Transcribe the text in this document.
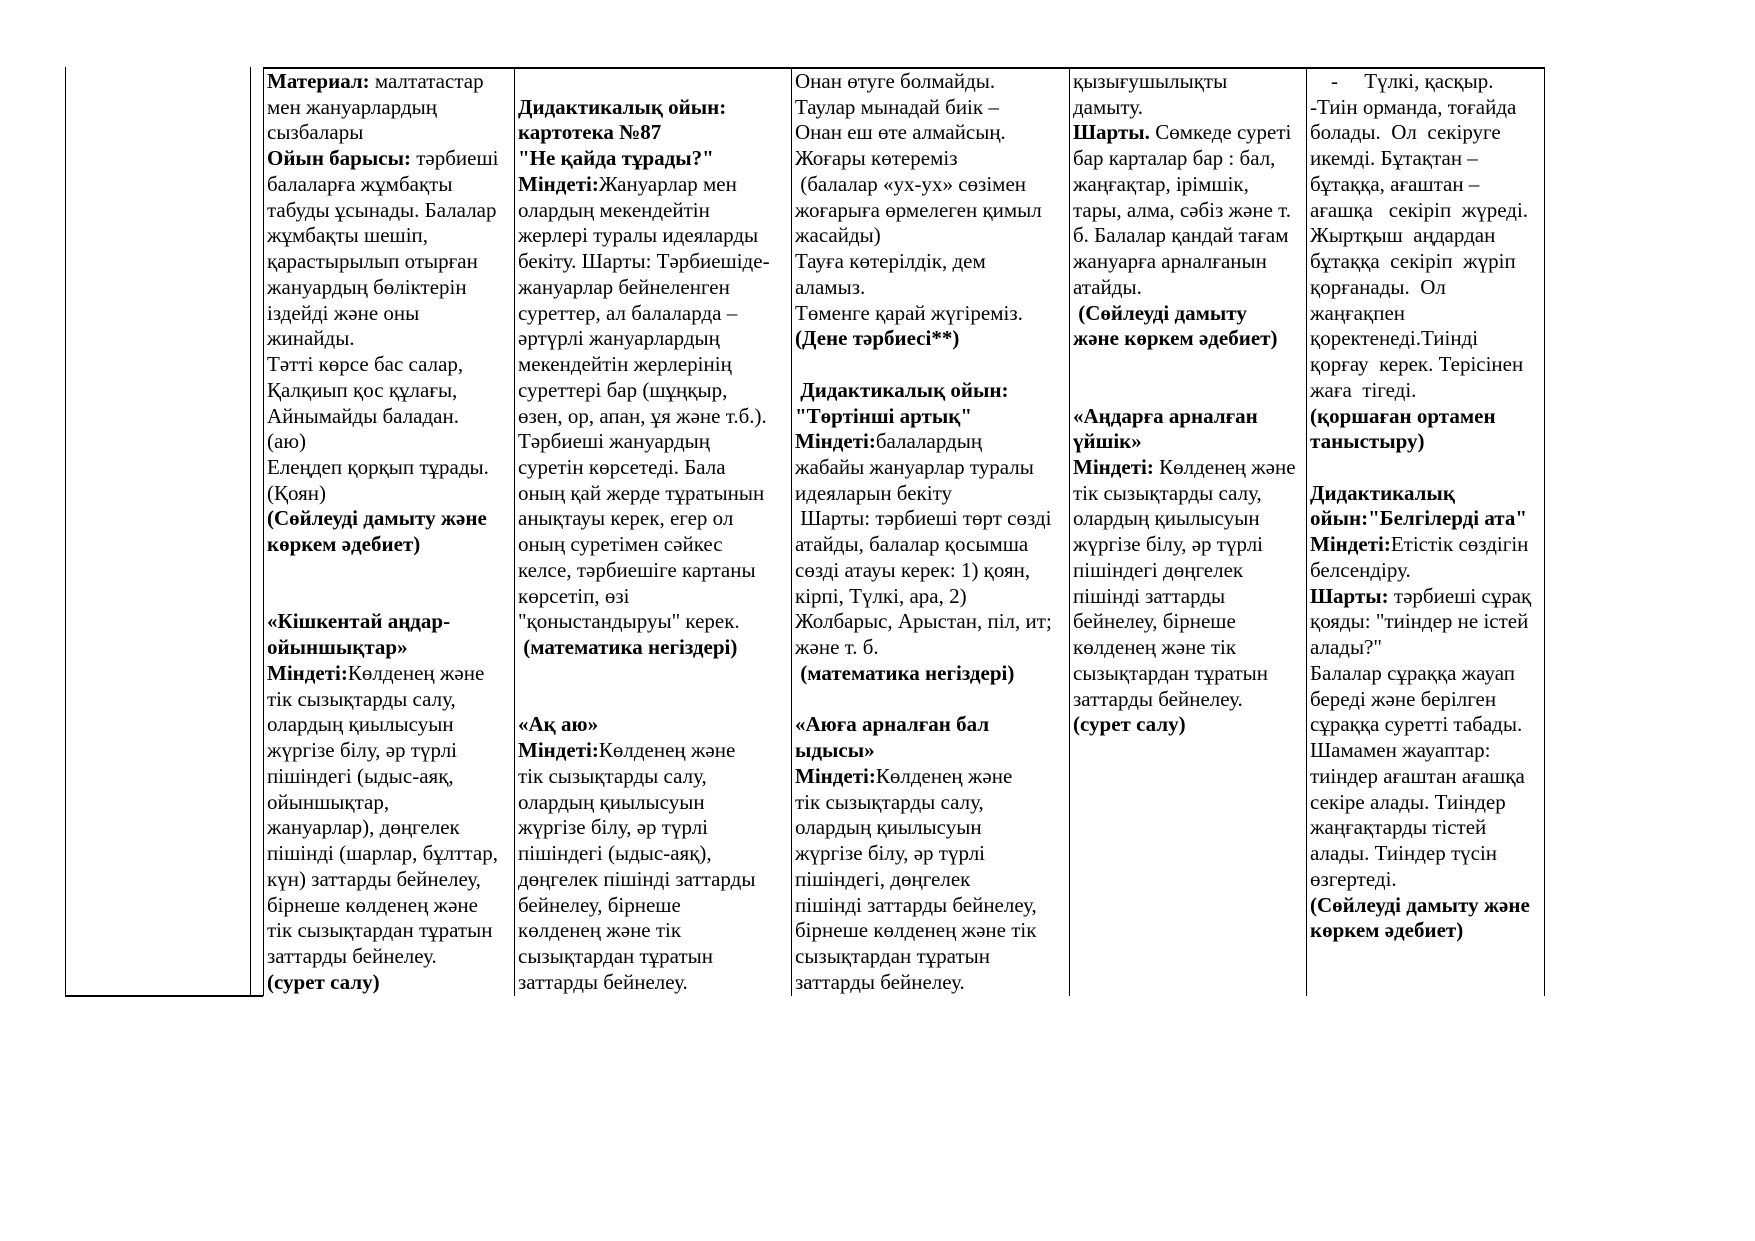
Материал: малтатастар
мен жануарлардың
сызбалары
Ойын барысы: тәрбиеші
балаларға жұмбақты
табуды ұсынады. Балалар
жұмбақты шешіп,
қарастырылып отырған
жануардың бөліктерін
іздейді және оны
жинайды.
Тәтті көрсе бас салар,
Қалқиып қос құлағы,
Айнымайды баладан.
(аю)
Елеңдеп қорқып тұрады.
(Қоян)
(Сөйлеуді дамыту және
көркем әдебиет)
«Кішкентай аңдар-
ойыншықтар»
Міндеті:Көлденең және
тік сызықтарды салу,
олардың қиылысуын
жүргізе білу, әр түрлі
пішіндегі (ыдыс-аяқ,
ойыншықтар,
жануарлар), дөңгелек
пішінді (шарлар, бұлттар,
күн) заттарды бейнелеу,
бірнеше көлденең және
тік сызықтардан тұратын
заттарды бейнелеу.
(сурет салу)
Дидактикалық ойын:
картотека №87
"Не қайда тұрады?"
Міндеті:Жануарлар мен
олардың мекендейтін
жерлері туралы идеяларды
бекіту. Шарты: Тәрбиешіде-
жануарлар бейнеленген
суреттер, ал балаларда –
әртүрлі жануарлардың
мекендейтін жерлерінің
суреттері бар (шұңқыр,
өзен, ор, апан, ұя және т.б.).
Тәрбиеші жануардың
суретін көрсетеді. Бала
оның қай жерде тұратынын
анықтауы керек, егер ол
оның суретімен сәйкес
келсе, тәрбиешіге картаны
көрсетіп, өзі
"қоныстандыруы" керек.
(математика негіздері)
«Ақ аю»
Міндеті:Көлденең және
тік сызықтарды салу,
олардың қиылысуын
жүргізе білу, әр түрлі
пішіндегі (ыдыс-аяқ),
дөңгелек пішінді заттарды
бейнелеу, бірнеше
көлденең және тік
сызықтардан тұратын
заттарды бейнелеу.
Онан өтуге болмайды.
Таулар мынадай биік –
Онан еш өте алмайсың.
Жоғары көтереміз
(балалар «ух-ух» сөзімен
жоғарыға өрмелеген қимыл
жасайды)
Тауға көтерілдік, дем
аламыз.
Төменге қарай жүгіреміз.
(Дене тәрбиесі**)
Дидактикалық ойын:
"Төртінші артық"
Міндеті:балалардың
жабайы жануарлар туралы
идеяларын бекіту
Шарты: тәрбиеші төрт сөзді
атайды, балалар қосымша
сөзді атауы керек: 1) қоян,
кірпі, Түлкі, ара, 2)
Жолбарыс, Арыстан, піл, ит;
және т. б.
(математика негіздері)
«Аюға арналған бал
ыдысы»
Міндеті:Көлденең және
тік сызықтарды салу,
олардың қиылысуын
жүргізе білу, әр түрлі
пішіндегі, дөңгелек
пішінді заттарды бейнелеу,
бірнеше көлденең және тік
сызықтардан тұратын
заттарды бейнелеу.
қызығушылықты
дамыту.
Шарты. Сөмкеде суреті
бар карталар бар : бал,
жаңғақтар, ірімшік,
тары, алма, сәбіз және т.
б. Балалар қандай тағам
жануарға арналғанын
атайды.
(Сөйлеуді дамыту
және көркем әдебиет)
«Аңдарға арналған
үйшік»
Міндеті: Көлденең және
тік сызықтарды салу,
олардың қиылысуын
жүргізе білу, әр түрлі
пішіндегі дөңгелек
пішінді заттарды
бейнелеу, бірнеше
көлденең және тік
сызықтардан тұратын
заттарды бейнелеу.
(сурет салу)
-     Түлкі, қасқыр.
-Тиін орманда, тоғайда
болады.  Ол  секіруге
икемді. Бұтақтан –
бұтаққа, ағаштан –
ағашқа   секіріп  жүреді.
Жыртқыш  аңдардан
бұтаққа  секіріп  жүріп
қорғанады.  Ол
жаңғақпен
қоректенеді.Тиінді
қорғау  керек. Терісінен
жаға  тігеді.
(қоршаған ортамен
таныстыру)
Дидактикалық
ойын:"Белгілерді ата"
Міндеті:Етістік сөздігін
белсендіру.
Шарты: тәрбиеші сұрақ
қояды: "тиіндер не істей
алады?"
Балалар сұраққа жауап
береді және берілген
сұраққа суретті табады.
Шамамен жауаптар:
тиіндер ағаштан ағашқа
секіре алады. Тиіндер
жаңғақтарды тістей
алады. Тиіндер түсін
өзгертеді.
(Сөйлеуді дамыту және
көркем әдебиет)
